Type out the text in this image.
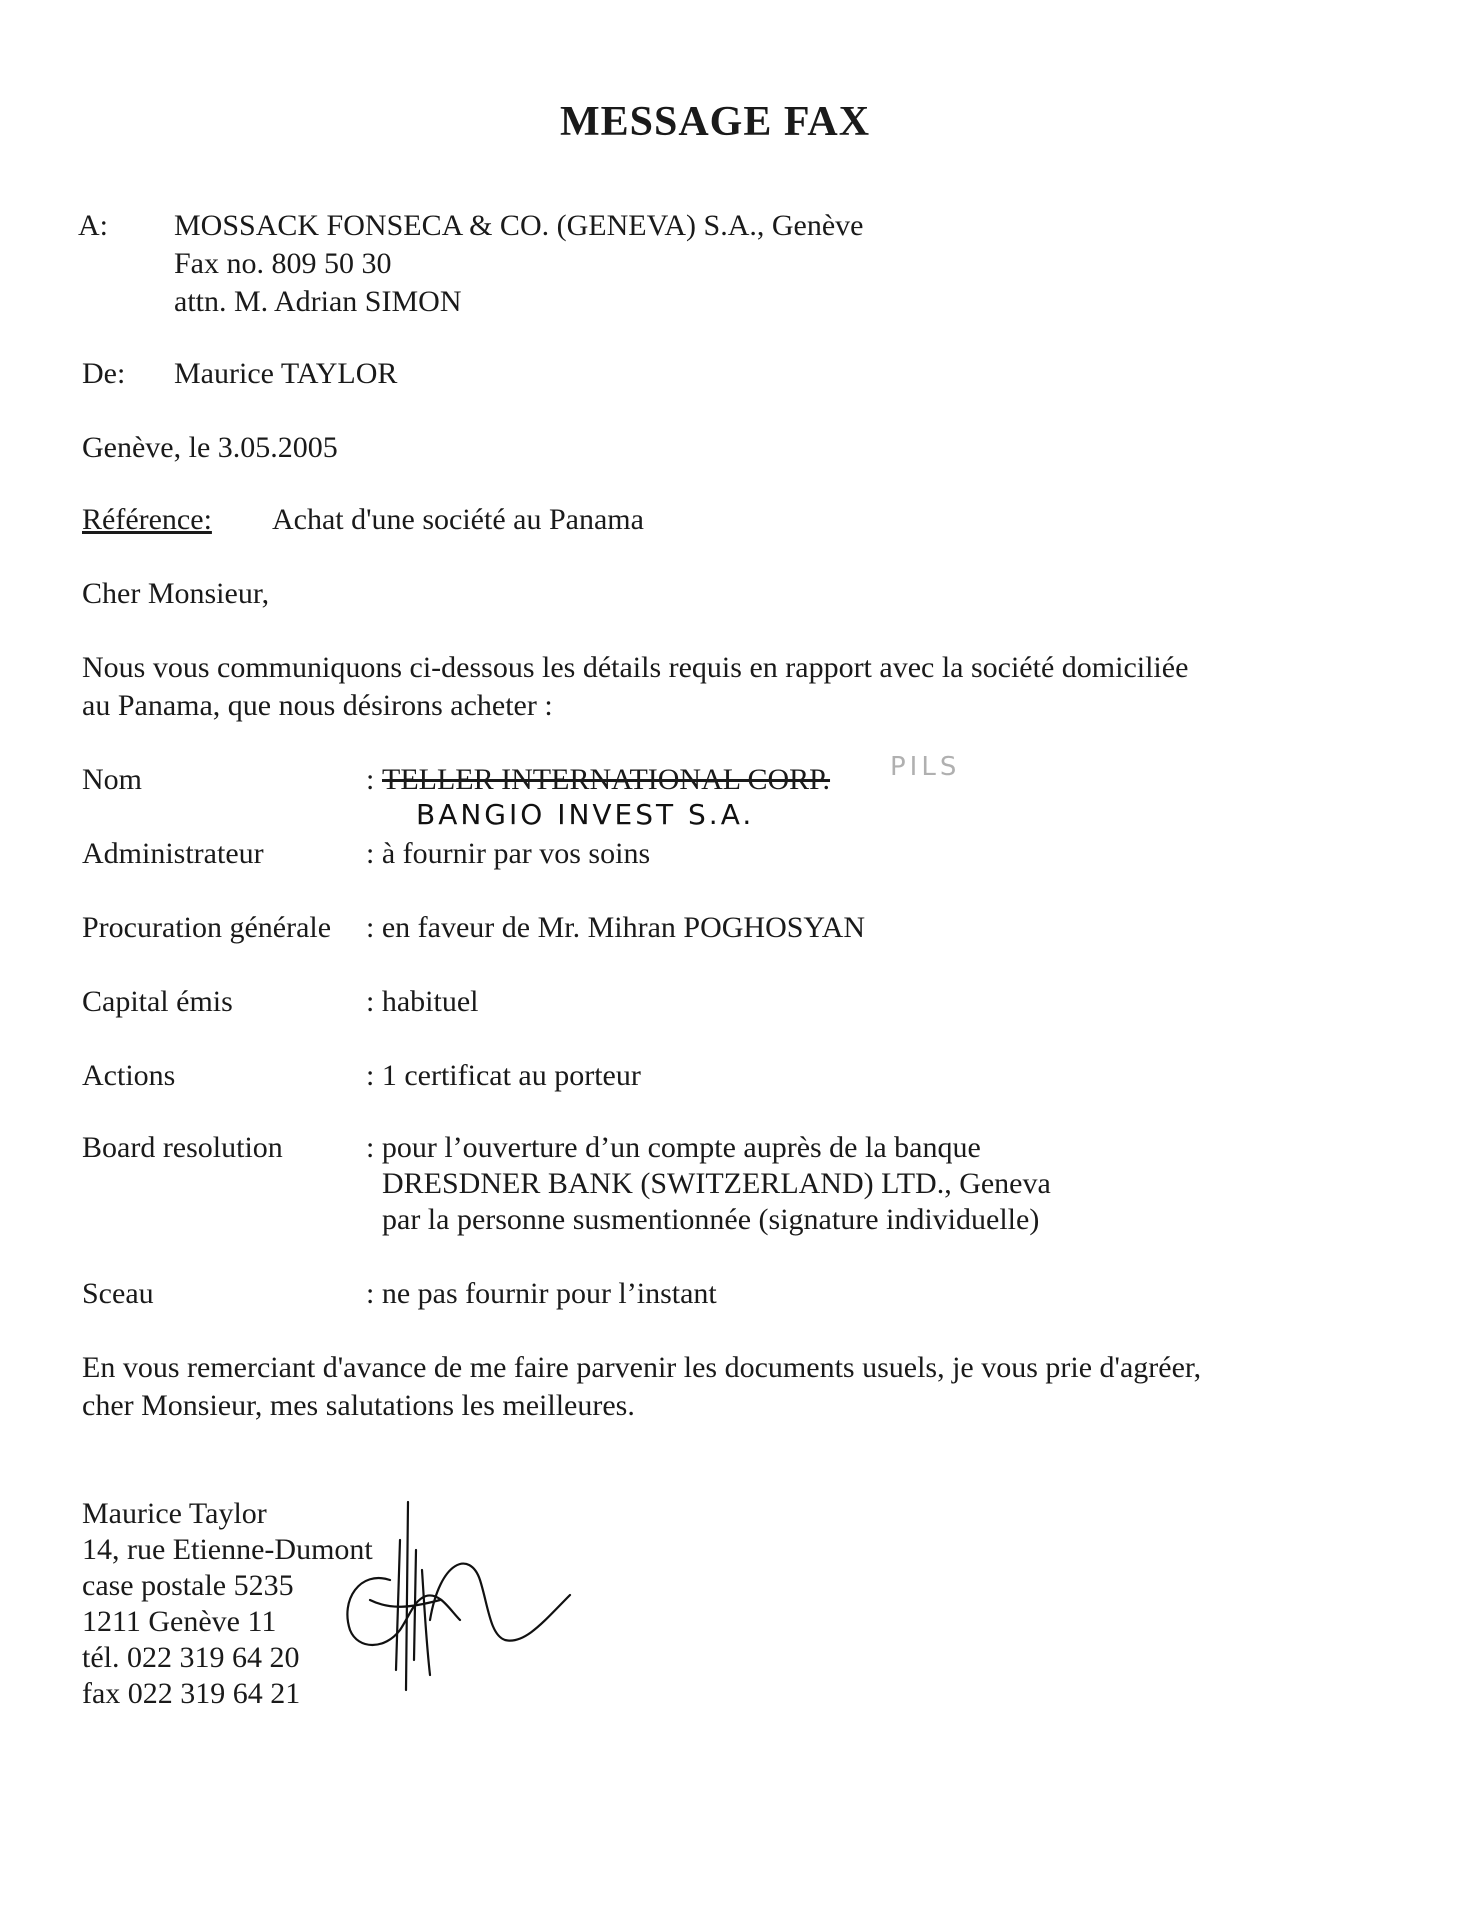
MESSAGE FAX
A: MOSSACK FONSECA & CO. (GENEVA) S.A., Genève
Fax no. 809 50 30
attn. M. Adrian SIMON
De: Maurice TAYLOR
Genève, le 3.05.2005
Référence: Achat d'une société au Panama
Cher Monsieur,
Nous vous communiquons ci-dessous les détails requis en rapport avec la société domiciliée
au Panama, que nous désirons acheter :
Nom	: TELLER INTERNATIONAL CORP. PILS
BANGIO INVEST S.A.
Administrateur	: à fournir par vos soins
Procuration générale : en faveur de Mr. Mihran POGHOSYAN
Capital émis	: habituel
Actions	: 1 certificat au porteur
Board resolution	: pour l’ouverture d’un compte auprès de la banque
DRESDNER BANK (SWITZERLAND) LTD., Geneva
par la personne susmentionnée (signature individuelle)
Sceau	: ne pas fournir pour l’instant
En vous remerciant d'avance de me faire parvenir les documents usuels, je vous prie d'agréer,
cher Monsieur, mes salutations les meilleures.
Maurice Taylor
14, rue Etienne-Dumont
case postale 5235
1211 Genève 11
tél. 022 319 64 20
fax 022 319 64 21
